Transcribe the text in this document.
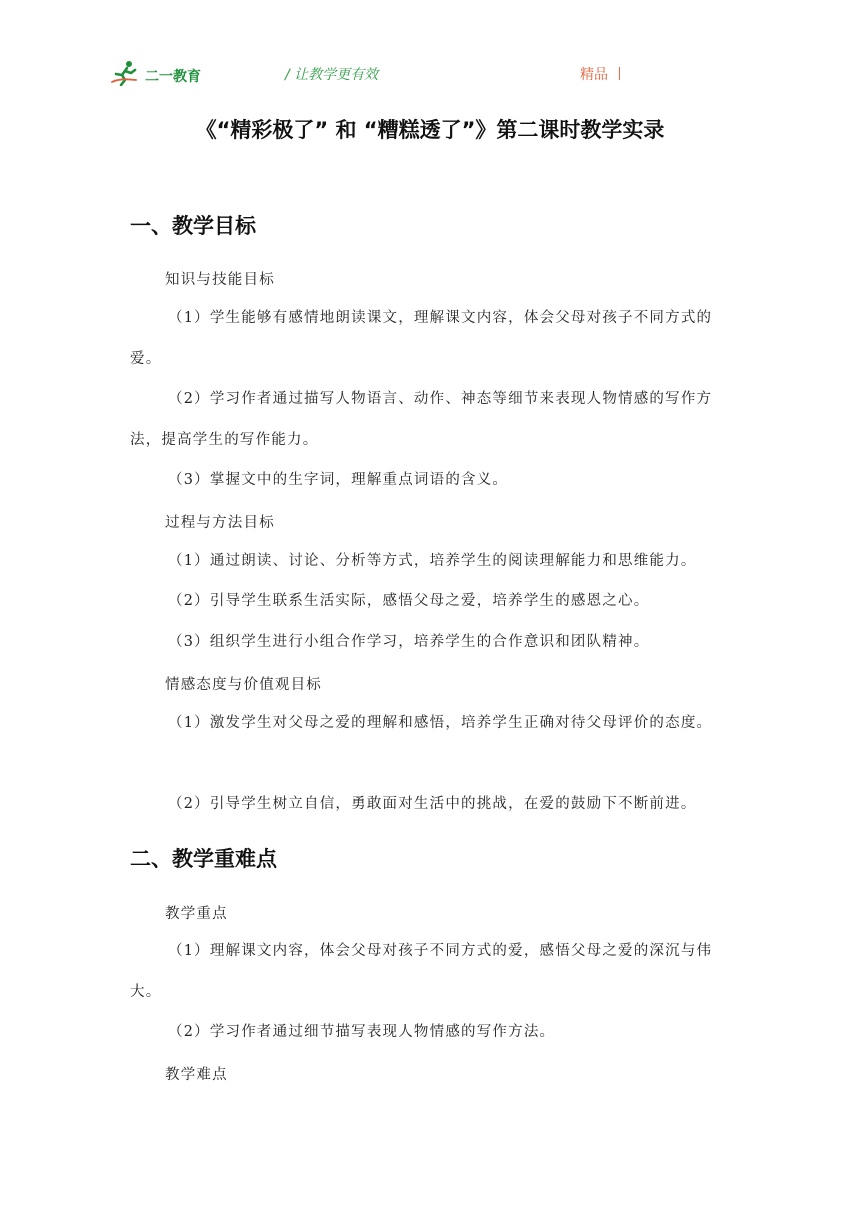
二一教育	/ 让教学更有效	精品 丨
《“精彩极了” 和 “糟糕透了”》第二课时教学实录
一、教学目标
知识与技能目标
（1）学生能够有感情地朗读课文，理解课文内容，体会父母对孩子不同方式的爱。
（2）学习作者通过描写人物语言、动作、神态等细节来表现人物情感的写作方法，提高学生的写作能力。
（3）掌握文中的生字词，理解重点词语的含义。
过程与方法目标
（1）通过朗读、讨论、分析等方式，培养学生的阅读理解能力和思维能力。
（2）引导学生联系生活实际，感悟父母之爱，培养学生的感恩之心。
（3）组织学生进行小组合作学习，培养学生的合作意识和团队精神。
情感态度与价值观目标
（1）激发学生对父母之爱的理解和感悟，培养学生正确对待父母评价的态度。
（2）引导学生树立自信，勇敢面对生活中的挑战，在爱的鼓励下不断前进。
二、教学重难点
教学重点
（1）理解课文内容，体会父母对孩子不同方式的爱，感悟父母之爱的深沉与伟大。
（2）学习作者通过细节描写表现人物情感的写作方法。
教学难点
